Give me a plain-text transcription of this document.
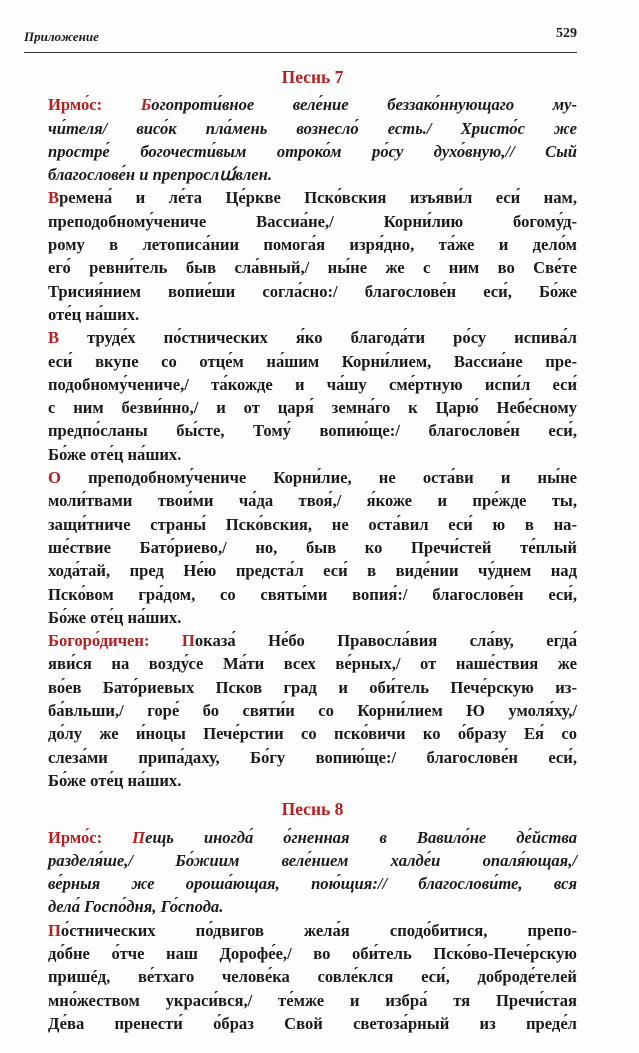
Приложение	529
Песнь 7

Ирмо́с: Богопроти́вное веле́ние беззако́ннующаго му-
чи́теля/ висо́к пла́мень вознесло́ есть./ Христо́с же
простре́ богочести́вым отроко́м ро́су духо́вную,// Сый
благослове́н и препрослա́влен.

Времена́ и ле́та Це́ркве Пско́вския изъяви́л еси́ нам,
преподобному́чениче Вассиа́не,/ Корни́лию богому́д-
рому в летописа́нии помога́я изря́дно, та́же и дело́м
его́ ревни́тель быв сла́вный,/ ны́не же с ним во Све́те
Трисия́нием вопие́ши согла́сно:/ благослове́н еси́, Бо́же
оте́ц на́ших.

В труде́х по́стнических я́ко благода́ти ро́су испива́л
еси́ вкупе со отце́м на́шим Корни́лием, Вассиа́не пре-
подобному́чениче,/ та́кожде и ча́шу сме́ртную испи́л еси́
с ним безви́нно,/ и от царя́ земна́го к Царю́ Небе́сному
предпо́сланы бы́сте, Тому́ вопию́ще:/ благослове́н еси́,
Бо́же оте́ц на́ших.

О преподобному́чениче Корни́лие, не оста́ви и ны́не
моли́твами твои́ми ча́да твоя́,/ я́коже и пре́жде ты,
защи́тниче страны́ Пско́вския, не оста́вил еси́ ю в на-
ше́ствие Бато́риево,/ но, быв ко Пречи́стей те́плый
хода́тай, пред Не́ю предста́л еси́ в виде́нии чу́днем над
Пско́вом гра́дом, со святы́ми вопия́:/ благослове́н еси́,
Бо́же оте́ц на́ших.

Богоро́дичен: Показа́ Не́бо Правосла́вия сла́ву, егда́
яви́ся на возду́се Ма́ти всех ве́рных,/ от наше́ствия же
во́ев Бато́риевых Псков град и оби́тель Пече́рскую из-
ба́вльши,/ горе́ бо святи́и со Корни́лием Ю умоля́ху,/
до́лу же и́ноцы Пече́рстии со пско́вичи ко о́бразу Ея́ со
слеза́ми припа́даху, Бо́гу вопию́ще:/ благослове́н еси́,
Бо́же оте́ц на́ших.

Песнь 8

Ирмо́с: Пещь иногда́ о́гненная в Вавило́не де́йства
разделя́ше,/ Бо́жиим веле́нием халде́и опаля́ющая,/
ве́рныя же ороша́ющая, пою́щия:// благослови́те, вся
дела́ Госпо́дня, Го́спода.

По́стнических по́двигов жела́я сподо́битися, препо-
до́бне о́тче наш Дорофе́е,/ во оби́тель Пско́во-Пече́рскую
пришéд, ве́тхаго челове́ка совле́клся еси́, доброде́телей
мно́жеством украси́вся,/ те́мже и избра́ тя Пречи́стая
Де́ва пренести́ о́браз Свой светоза́рный из преде́л
